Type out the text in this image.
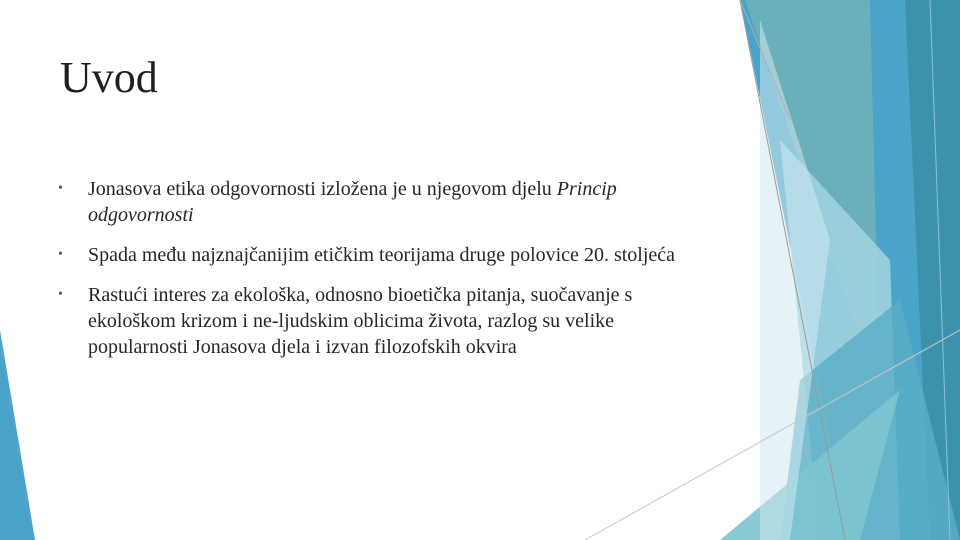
Uvod
• Jonasova etika odgovornosti izložena je u njegovom djelu Princip odgovornosti
• Spada među najznajčanijim etičkim teorijama druge polovice 20. stoljeća
• Rastući interes za ekološka, odnosno bioetička pitanja, suočavanje s ekološkom krizom i ne-ljudskim oblicima života, razlog su velike popularnosti Jonasova djela i izvan filozofskih okvira
